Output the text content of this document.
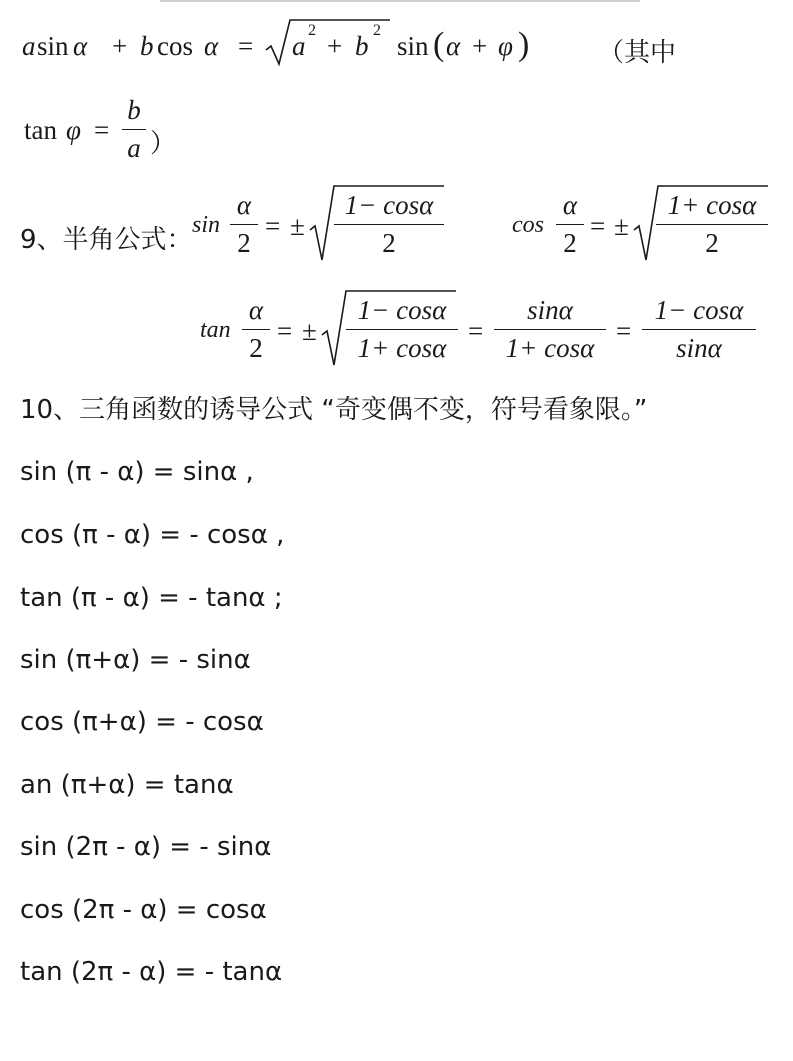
a sin α + b cos α = a
2
+ b
2
sin ( α + φ )	（其中
tan φ =
b
a ）
9、半角公式： sin
α
2
= ±
1− cosα
2
cos
α
2
= ±
1+ cosα
2
tan
α
2
= ±
1− cosα
1+ cosα
=
sinα
1+ cosα
=
1− cosα
sinα
10、三角函数的诱导公式 “奇变偶不变，符号看象限。”
sin (π - α) = sinα ,
cos (π - α) = - cosα ,
tan (π - α) = - tanα ;
sin (π+α) = - sinα
cos (π+α) = - cosα
an (π+α) = tanα
sin (2π - α) = - sinα
cos (2π - α) = cosα
tan (2π - α) = - tanα
